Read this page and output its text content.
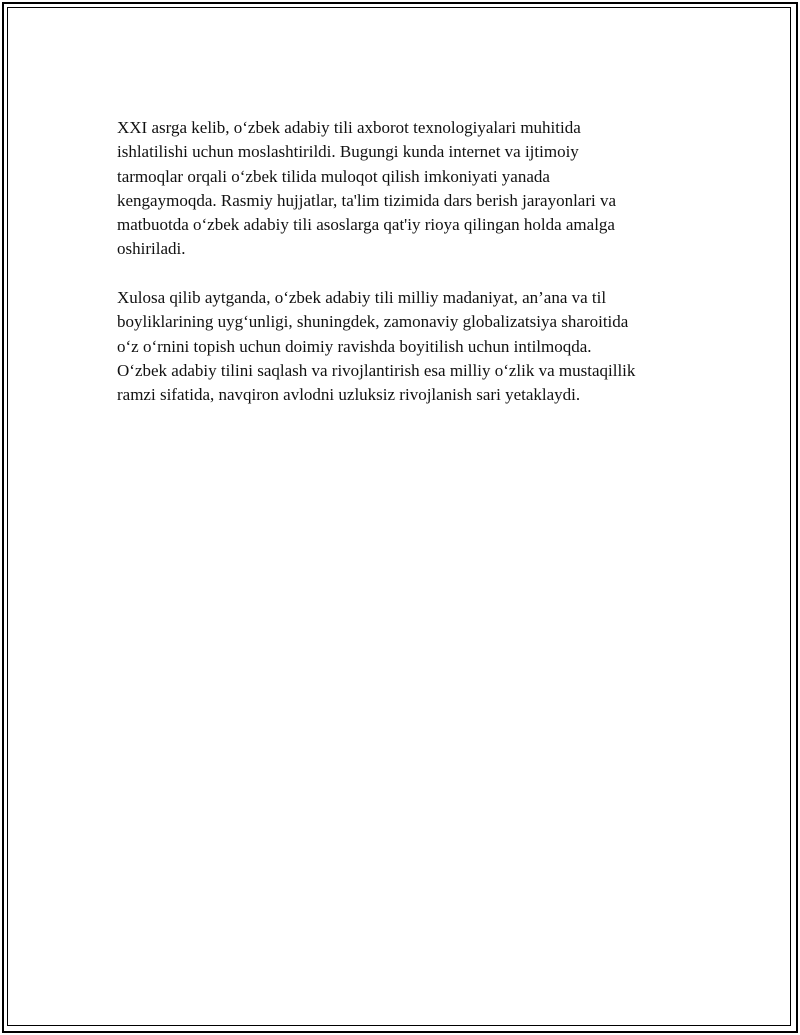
XXI asrga kelib, o‘zbek adabiy tili axborot texnologiyalari muhitida
ishlatilishi uchun moslashtirildi. Bugungi kunda internet va ijtimoiy
tarmoqlar orqali o‘zbek tilida muloqot qilish imkoniyati yanada
kengaymoqda. Rasmiy hujjatlar, ta'lim tizimida dars berish jarayonlari va
matbuotda o‘zbek adabiy tili asoslarga qat'iy rioya qilingan holda amalga
oshiriladi.

Xulosa qilib aytganda, o‘zbek adabiy tili milliy madaniyat, an’ana va til
boyliklarining uyg‘unligi, shuningdek, zamonaviy globalizatsiya sharoitida
o‘z o‘rnini topish uchun doimiy ravishda boyitilish uchun intilmoqda.
O‘zbek adabiy tilini saqlash va rivojlantirish esa milliy o‘zlik va mustaqillik
ramzi sifatida, navqiron avlodni uzluksiz rivojlanish sari yetaklaydi.
